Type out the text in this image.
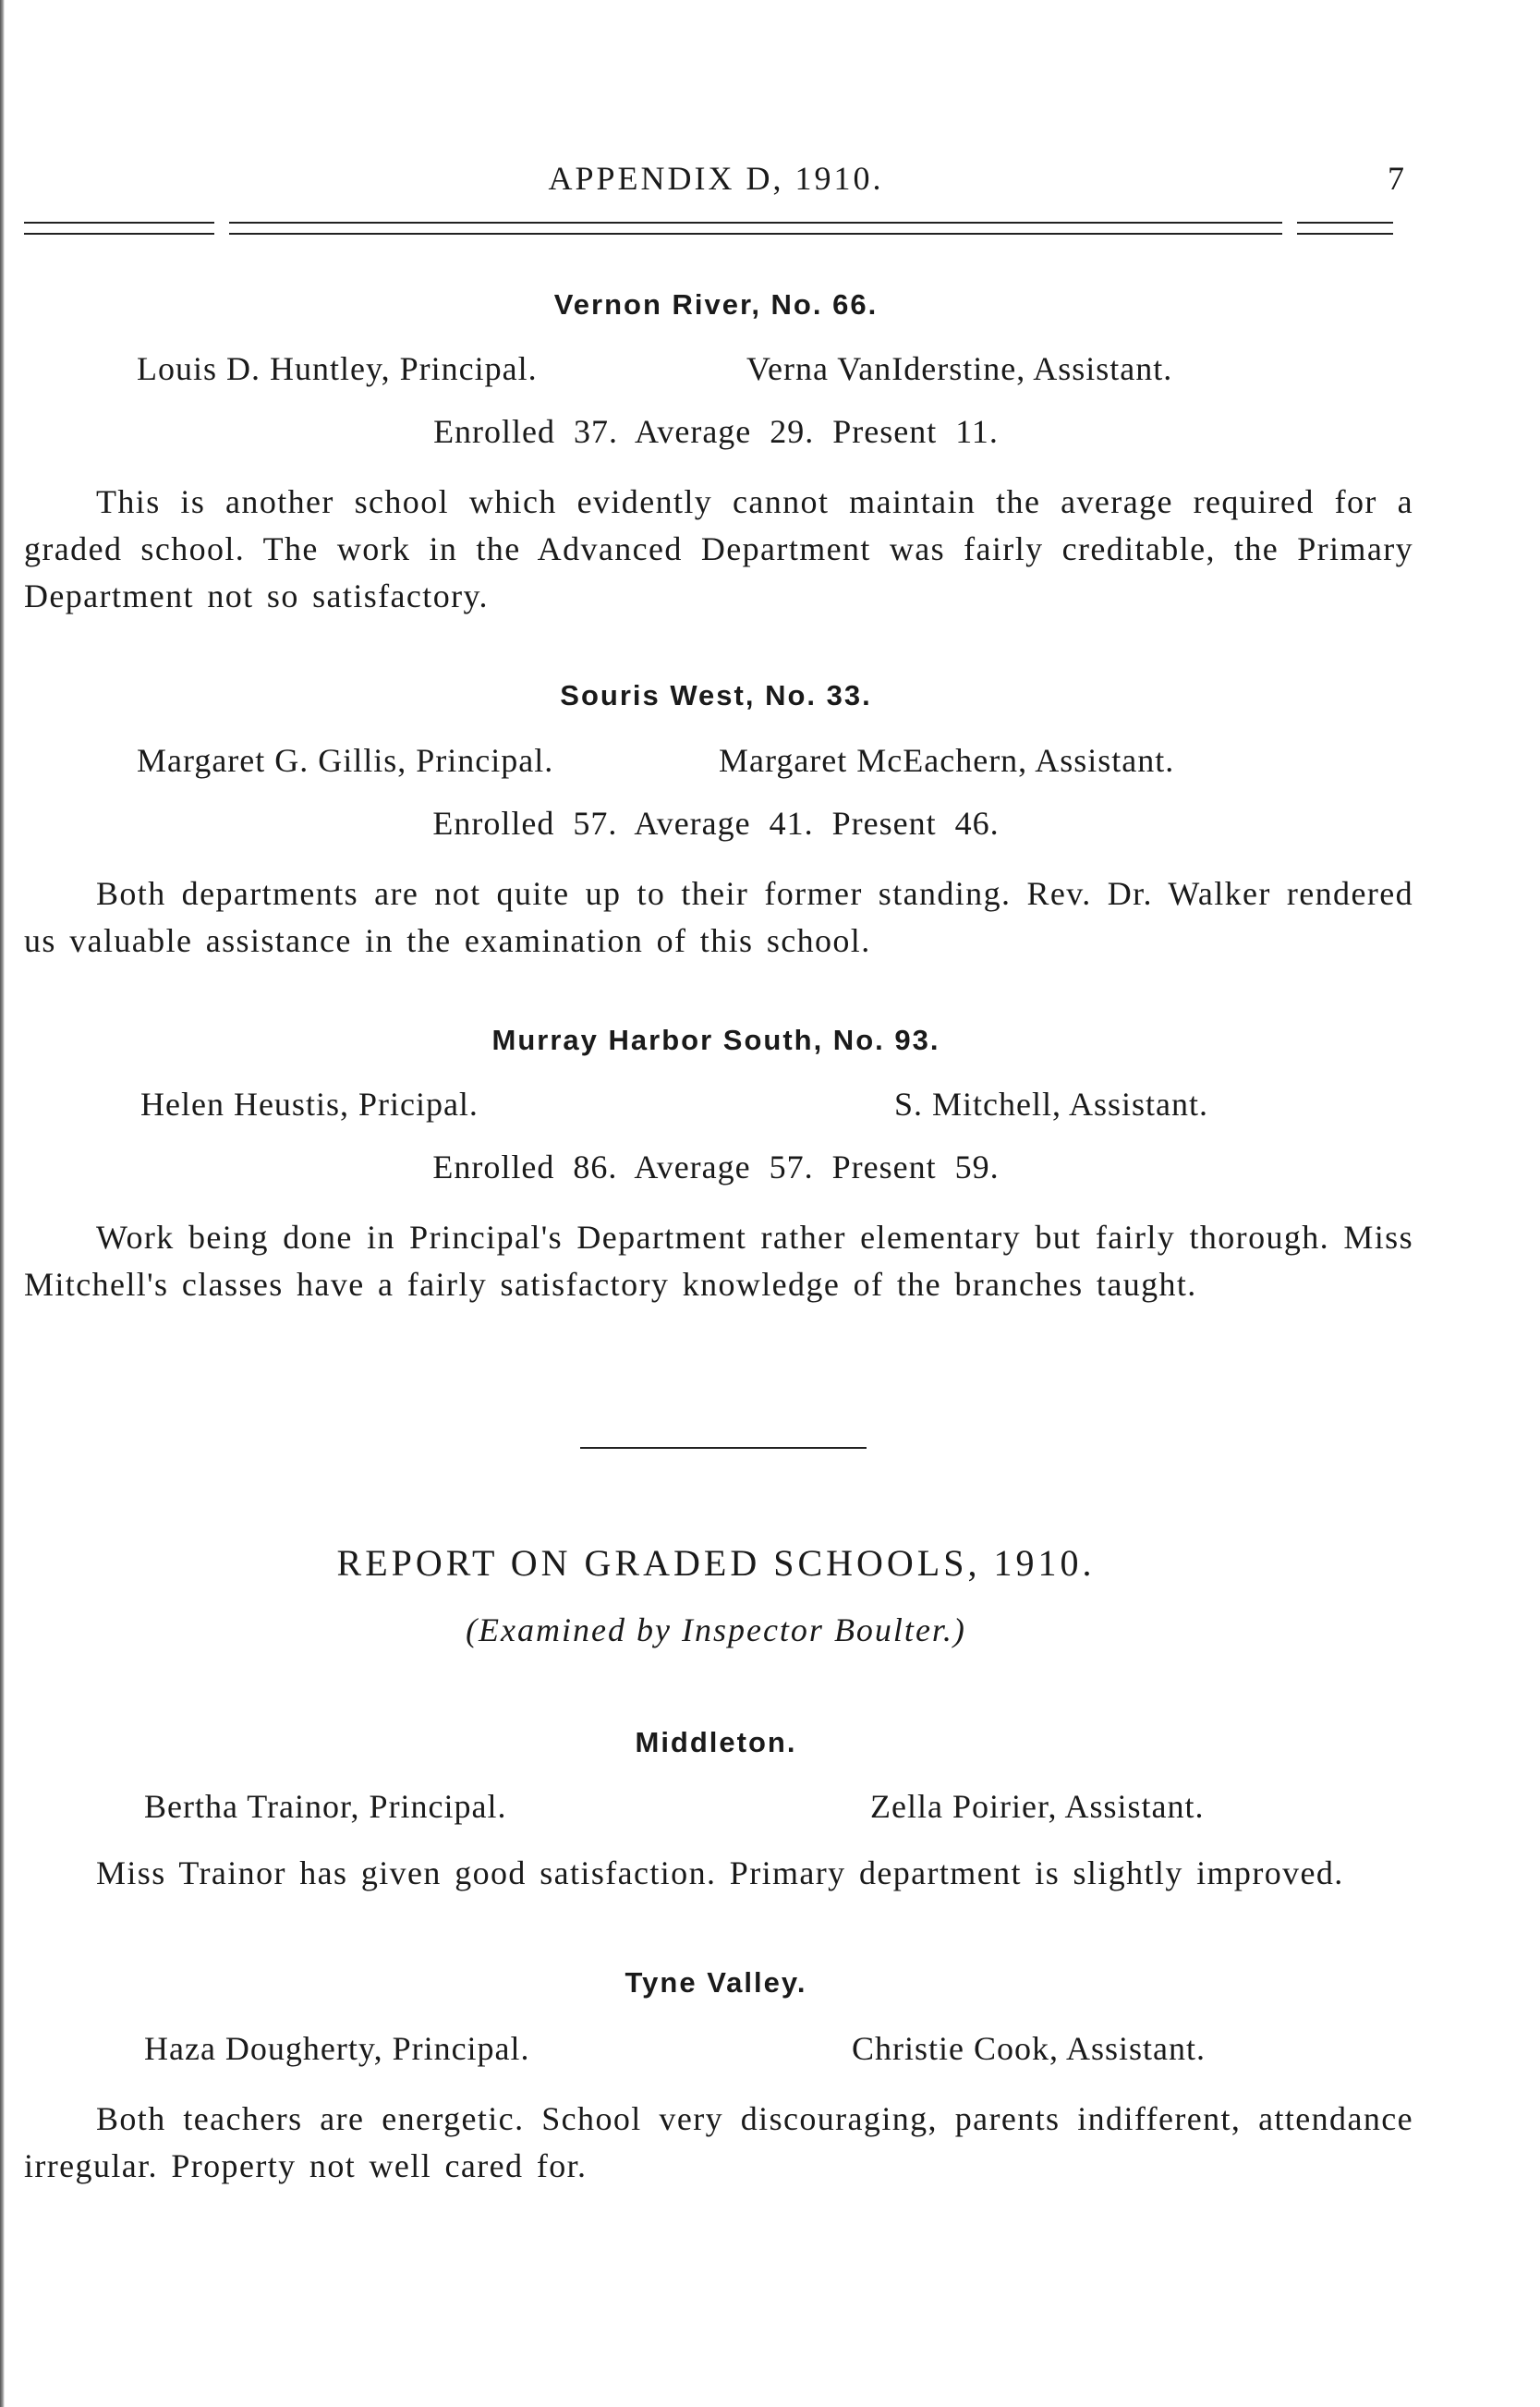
APPENDIX D, 1910.	7
Vernon River, No. 66.
Louis D. Huntley, Principal.	Verna VanIderstine, Assistant.
Enrolled 37. Average 29. Present 11.
This is another school which evidently cannot maintain the average required for a graded school. The work in the Advanced Department was fairly creditable, the Primary Department not so satisfactory.
Souris West, No. 33.
Margaret G. Gillis, Principal.	Margaret McEachern, Assistant.
Enrolled 57. Average 41. Present 46.
Both departments are not quite up to their former standing. Rev. Dr. Walker rendered us valuable assistance in the examination of this school.
Murray Harbor South, No. 93.
Helen Heustis, Pricipal.	S. Mitchell, Assistant.
Enrolled 86. Average 57. Present 59.
Work being done in Principal's Department rather elementary but fairly thorough. Miss Mitchell's classes have a fairly satisfactory knowledge of the branches taught.
REPORT ON GRADED SCHOOLS, 1910.
(Examined by Inspector Boulter.)
Middleton.
Bertha Trainor, Principal.	Zella Poirier, Assistant.
Miss Trainor has given good satisfaction. Primary department is slightly improved.
Tyne Valley.
Haza Dougherty, Principal.	Christie Cook, Assistant.
Both teachers are energetic. School very discouraging, parents indifferent, attendance irregular. Property not well cared for.
